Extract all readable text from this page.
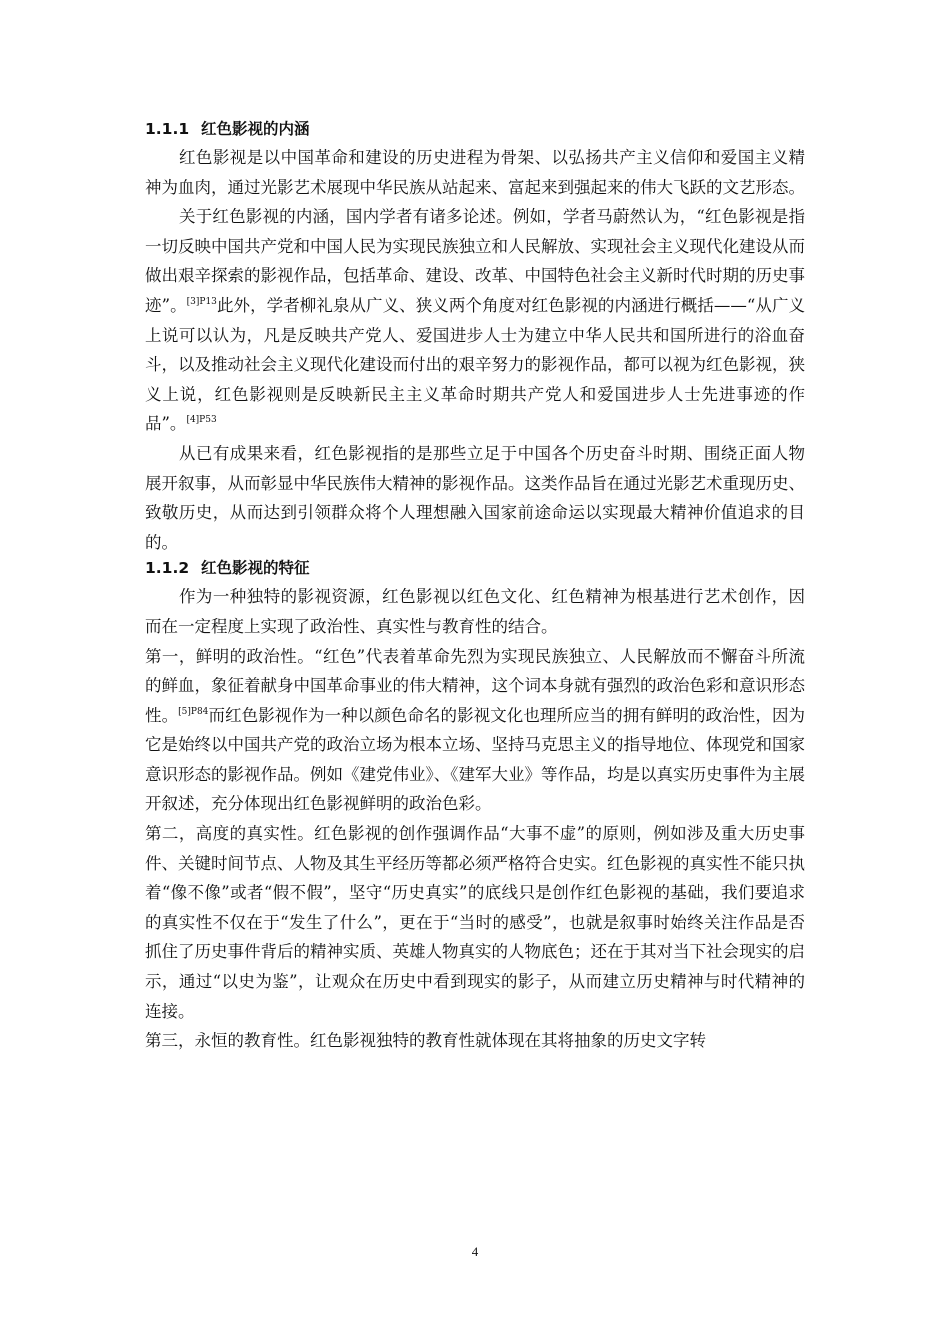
1.1.1 红色影视的内涵

红色影视是以中国革命和建设的历史进程为骨架、以弘扬共产主义信仰和爱国主义精神为血肉，通过光影艺术展现中华民族从站起来、富起来到强起来的伟大飞跃的文艺形态。

关于红色影视的内涵，国内学者有诸多论述。例如，学者马蔚然认为，“红色影视是指一切反映中国共产党和中国人民为实现民族独立和人民解放、实现社会主义现代化建设从而做出艰辛探索的影视作品，包括革命、建设、改革、中国特色社会主义新时代时期的历史事迹”。$^{[3]P13}$此外，学者柳礼泉从广义、狭义两个角度对红色影视的内涵进行概括——“从广义上说可以认为，凡是反映共产党人、爱国进步人士为建立中华人民共和国所进行的浴血奋斗，以及推动社会主义现代化建设而付出的艰辛努力的影视作品，都可以视为红色影视，狭义上说，红色影视则是反映新民主主义革命时期共产党人和爱国进步人士先进事迹的作品”。$^{[4]P53}$

从已有成果来看，红色影视指的是那些立足于中国各个历史奋斗时期、围绕正面人物展开叙事，从而彰显中华民族伟大精神的影视作品。这类作品旨在通过光影艺术重现历史、致敬历史，从而达到引领群众将个人理想融入国家前途命运以实现最大精神价值追求的目的。

1.1.2 红色影视的特征

作为一种独特的影视资源，红色影视以红色文化、红色精神为根基进行艺术创作，因而在一定程度上实现了政治性、真实性与教育性的结合。

第一，鲜明的政治性。“红色”代表着革命先烈为实现民族独立、人民解放而不懈奋斗所流的鲜血，象征着献身中国革命事业的伟大精神，这个词本身就有强烈的政治色彩和意识形态性。$^{[5]P84}$而红色影视作为一种以颜色命名的影视文化也理所应当的拥有鲜明的政治性，因为它是始终以中国共产党的政治立场为根本立场、坚持马克思主义的指导地位、体现党和国家意识形态的影视作品。例如《建党伟业》、《建军大业》等作品，均是以真实历史事件为主展开叙述，充分体现出红色影视鲜明的政治色彩。

第二，高度的真实性。红色影视的创作强调作品“大事不虚”的原则，例如涉及重大历史事件、关键时间节点、人物及其生平经历等都必须严格符合史实。红色影视的真实性不能只执着“像不像”或者“假不假”，坚守“历史真实”的底线只是创作红色影视的基础，我们要追求的真实性不仅在于“发生了什么”，更在于“当时的感受”，也就是叙事时始终关注作品是否抓住了历史事件背后的精神实质、英雄人物真实的人物底色；还在于其对当下社会现实的启示，通过“以史为鉴”，让观众在历史中看到现实的影子，从而建立历史精神与时代精神的连接。

第三，永恒的教育性。红色影视独特的教育性就体现在其将抽象的历史文字转

4
